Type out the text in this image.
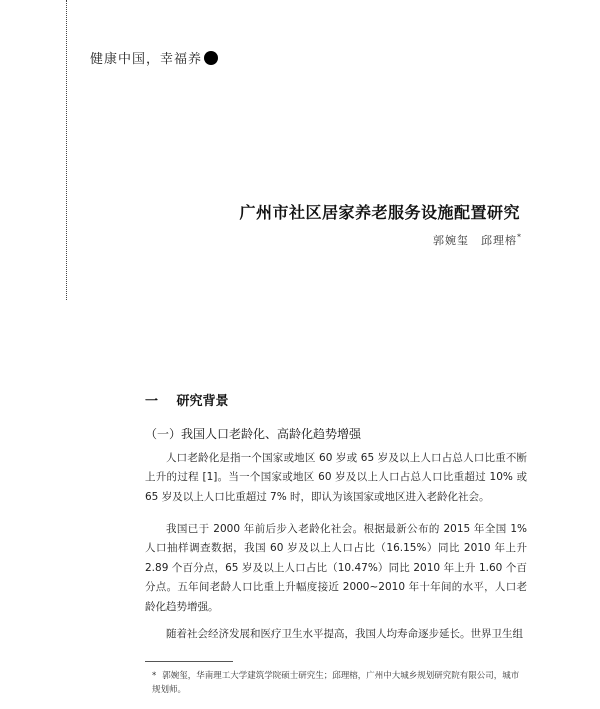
健康中国，幸福养
广州市社区居家养老服务设施配置研究
郭婉玺　邱理榕*
一 研究背景
（一）我国人口老龄化、高龄化趋势增强
人口老龄化是指一个国家或地区 60 岁或 65 岁及以上人口占总人口比重不断上升的过程 [1]。当一个国家或地区 60 岁及以上人口占总人口比重超过 10% 或 65 岁及以上人口比重超过 7% 时，即认为该国家或地区进入老龄化社会。
我国已于 2000 年前后步入老龄化社会。根据最新公布的 2015 年全国 1% 人口抽样调查数据，我国 60 岁及以上人口占比（16.15%）同比 2010 年上升 2.89 个百分点，65 岁及以上人口占比（10.47%）同比 2010 年上升 1.60 个百分点。五年间老龄人口比重上升幅度接近 2000~2010 年十年间的水平，人口老龄化趋势增强。
随着社会经济发展和医疗卫生水平提高，我国人均寿命逐步延长。世界卫生组
* 郭婉玺，华南理工大学建筑学院硕士研究生；邱理榕，广州中大城乡规划研究院有限公司，城市规划师。
